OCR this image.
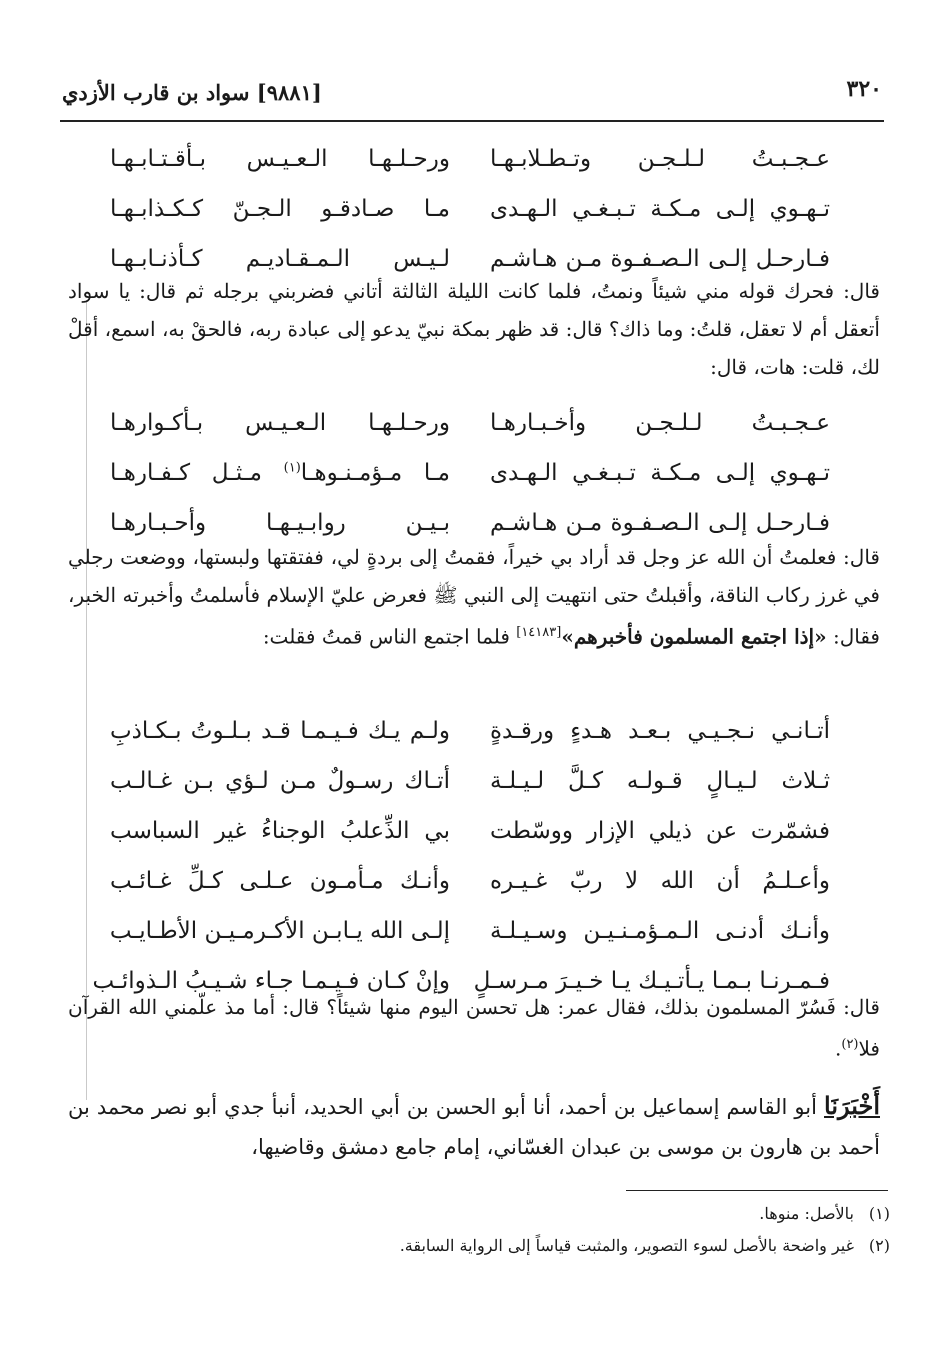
٣٢٠
[٩٨٨١] سواد بن قارب الأزدي
عـجـبـتُ لـلـجـن وتـطـلابـهـا
ورحـلـهـا الـعـيـس بـأقـتـابـهـا
تـهـوي إلـى مـكـة تـبـغـي الـهـدى
مـا صـادقـو الـجـنّ كـكـذابـهـا
فـارحـل إلـى الـصـفـوة مـن هـاشـم
لـيـس الـمـقـاديـم كـأذنـابـهـا

قال: فحرك قوله مني شيئاً ونمتُ، فلما كانت الليلة الثالثة أتاني فضربني برجله ثم قال: يا سواد أتعقل أم لا تعقل، قلتُ: وما ذاك؟ قال: قد ظهر بمكة نبيّ يدعو إلى عبادة ربه، فالحقْ به، اسمع، أقلْ لك، قلت: هات، قال:

عـجـبـتُ لـلـجـن وأخـبـارهـا
ورحـلـهـا الـعـيـس بـأكـوارهـا
تـهـوي إلـى مـكـة تـبـغـي الـهـدى
مـا مـؤمـنـوهـا$^{(١)}$ مـثـل كـفـارهـا
فـارحـل إلـى الـصـفـوة مـن هـاشـم
بـيـن روابـيـهـا وأحـبـارهـا

قال: فعلمتُ أن الله عز وجل قد أراد بي خيراً، فقمتُ إلى بردةٍ لي، ففتقتها ولبستها، ووضعت رجلي في غرز ركاب الناقة، وأقبلتُ حتى انتهيت إلى النبي ﷺ فعرض عليّ الإسلام فأسلمتُ وأخبرته الخبر، فقال: «إذا اجتمع المسلمون فأخبرهم»[١٤١٨٣] فلما اجتمع الناس قمتُ فقلت:

أتـانـي نـجـيـي بـعـد هـدءٍ ورقـدةٍ
ولـم يـك فـيـمـا قـد بـلـوتُ بـكـاذبِ
ثـلاث لـيـالٍ قـولـه كـلَّ لـيـلـة
أتـاك رسـولٌ مـن لـؤي بـن غـالـب
فشمّرت عن ذيلي الإزار ووسّطت
بي الذِّعلبُ الوجناءُ غير السباسب
وأعـلـمُ أن الله لا ربّ غـيـره
وأنـك مـأمـون عـلـى كـلِّ غـائـب
وأنـك أدنـى الـمـؤمـنـيـن وسـيـلـة
إلـى الله يـابـن الأكـرمـيـن الأطـايـب
فـمـرنـا بـمـا يـأتـيـك يـا خـيـرَ مـرسـلٍ
وإنْ كـان فـيـمـا جـاء شـيـبُ الـذوائـب

قال: فَسُرّ المسلمون بذلك، فقال عمر: هل تحسن اليوم منها شيئاً؟ قال: أما مذ علّمني الله القرآن فلا$^{(٢)}$.

أَخْبَرَنَا أبو القاسم إسماعيل بن أحمد، أنا أبو الحسن بن أبي الحديد، أنبأ جدي أبو نصر محمد بن أحمد بن هارون بن موسى بن عبدان الغسّاني، إمام جامع دمشق وقاضيها،

(١)بالأصل: منوها.
(٢)غير واضحة بالأصل لسوء التصوير، والمثبت قياساً إلى الرواية السابقة.
